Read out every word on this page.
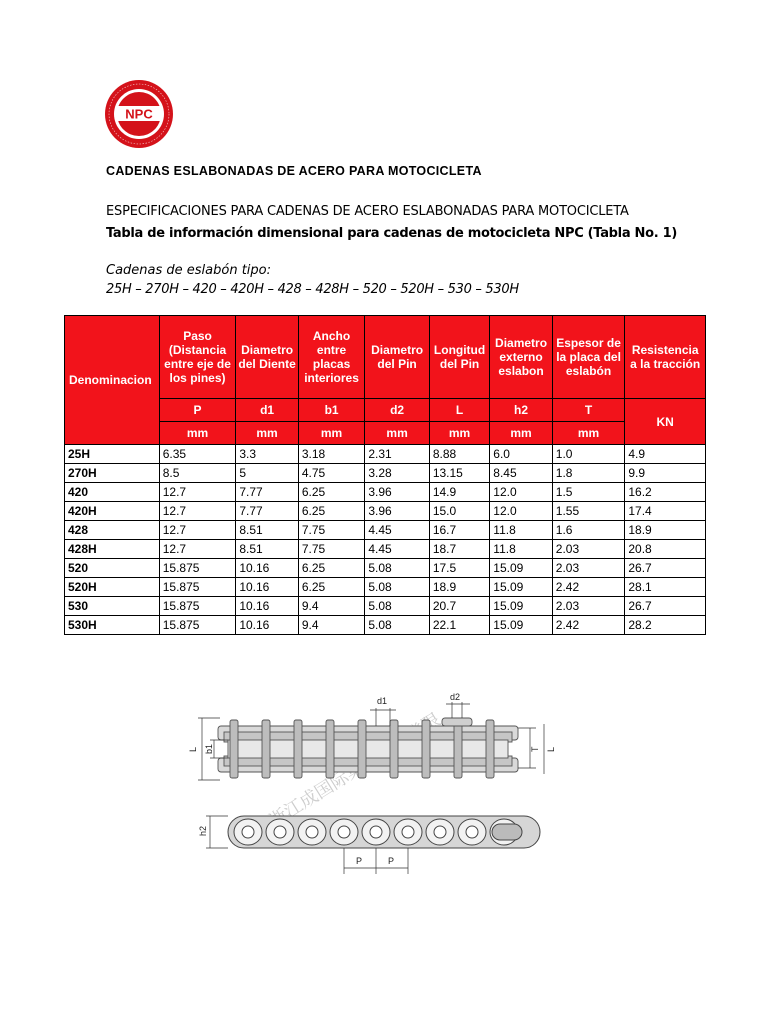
NPC
CADENAS ESLABONADAS DE ACERO PARA MOTOCICLETA
ESPECIFICACIONES PARA CADENAS DE ACERO ESLABONADAS PARA MOTOCICLETA
Tabla de información dimensional para cadenas de motocicleta NPC (Tabla No. 1)
Cadenas de eslabón tipo:
25H – 270H – 420 – 420H – 428 – 428H – 520 – 520H – 530 – 530H
Denominacion	Paso (Distancia entre eje de los pines)	Diametro del Diente	Ancho entre placas interiores	Diametro del Pin	Longitud del Pin	Diametro externo eslabon	Espesor de la placa del eslabón	Resistencia a la tracción
	P	d1	b1	d2	L	h2	T	KN
	mm	mm	mm	mm	mm	mm	mm	
25H	6.35	3.3	3.18	2.31	8.88	6.0	1.0	4.9
270H	8.5	5	4.75	3.28	13.15	8.45	1.8	9.9
420	12.7	7.77	6.25	3.96	14.9	12.0	1.5	16.2
420H	12.7	7.77	6.25	3.96	15.0	12.0	1.55	17.4
428	12.7	8.51	7.75	4.45	16.7	11.8	1.6	18.9
428H	12.7	8.51	7.75	4.45	18.7	11.8	2.03	20.8
520	15.875	10.16	6.25	5.08	17.5	15.09	2.03	26.7
520H	15.875	10.16	6.25	5.08	18.9	15.09	2.42	28.1
530	15.875	10.16	9.4	5.08	20.7	15.09	2.03	26.7
530H	15.875	10.16	9.4	5.08	22.1	15.09	2.42	28.2
L b1
d1	d2
T L
h2
P	P
